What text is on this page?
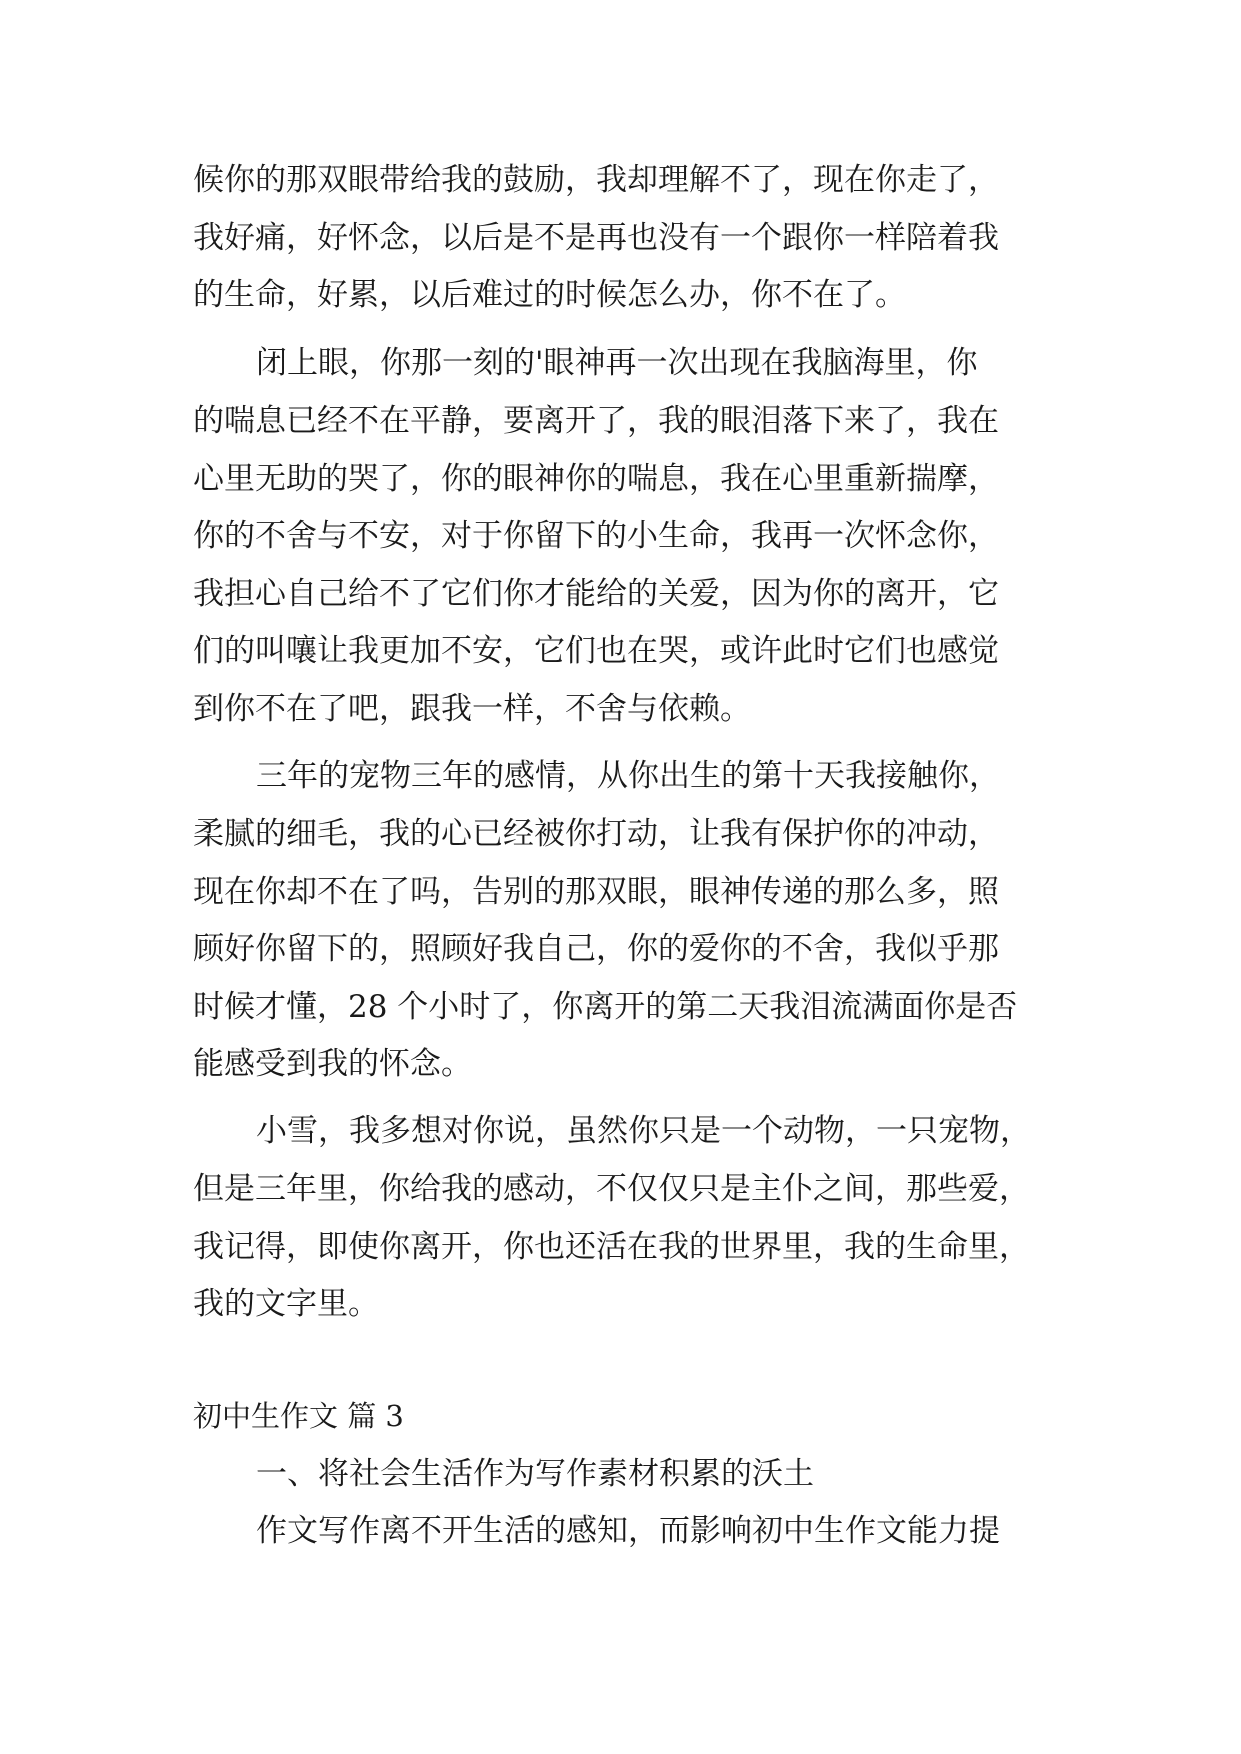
候你的那双眼带给我的鼓励，我却理解不了，现在你走了，
我好痛，好怀念，以后是不是再也没有一个跟你一样陪着我
的生命，好累，以后难过的时候怎么办，你不在了。
闭上眼，你那一刻的'眼神再一次出现在我脑海里，你
的喘息已经不在平静，要离开了，我的眼泪落下来了，我在
心里无助的哭了，你的眼神你的喘息，我在心里重新揣摩，
你的不舍与不安，对于你留下的小生命，我再一次怀念你，
我担心自己给不了它们你才能给的关爱，因为你的离开，它
们的叫嚷让我更加不安，它们也在哭，或许此时它们也感觉
到你不在了吧，跟我一样，不舍与依赖。
三年的宠物三年的感情，从你出生的第十天我接触你，
柔腻的细毛，我的心已经被你打动，让我有保护你的冲动，
现在你却不在了吗，告别的那双眼，眼神传递的那么多，照
顾好你留下的，照顾好我自己，你的爱你的不舍，我似乎那
时候才懂，28 个小时了，你离开的第二天我泪流满面你是否
能感受到我的怀念。
小雪，我多想对你说，虽然你只是一个动物，一只宠物，
但是三年里，你给我的感动，不仅仅只是主仆之间，那些爱，
我记得，即使你离开，你也还活在我的世界里，我的生命里，
我的文字里。
初中生作文 篇 3
一、将社会生活作为写作素材积累的沃土
作文写作离不开生活的感知，而影响初中生作文能力提
